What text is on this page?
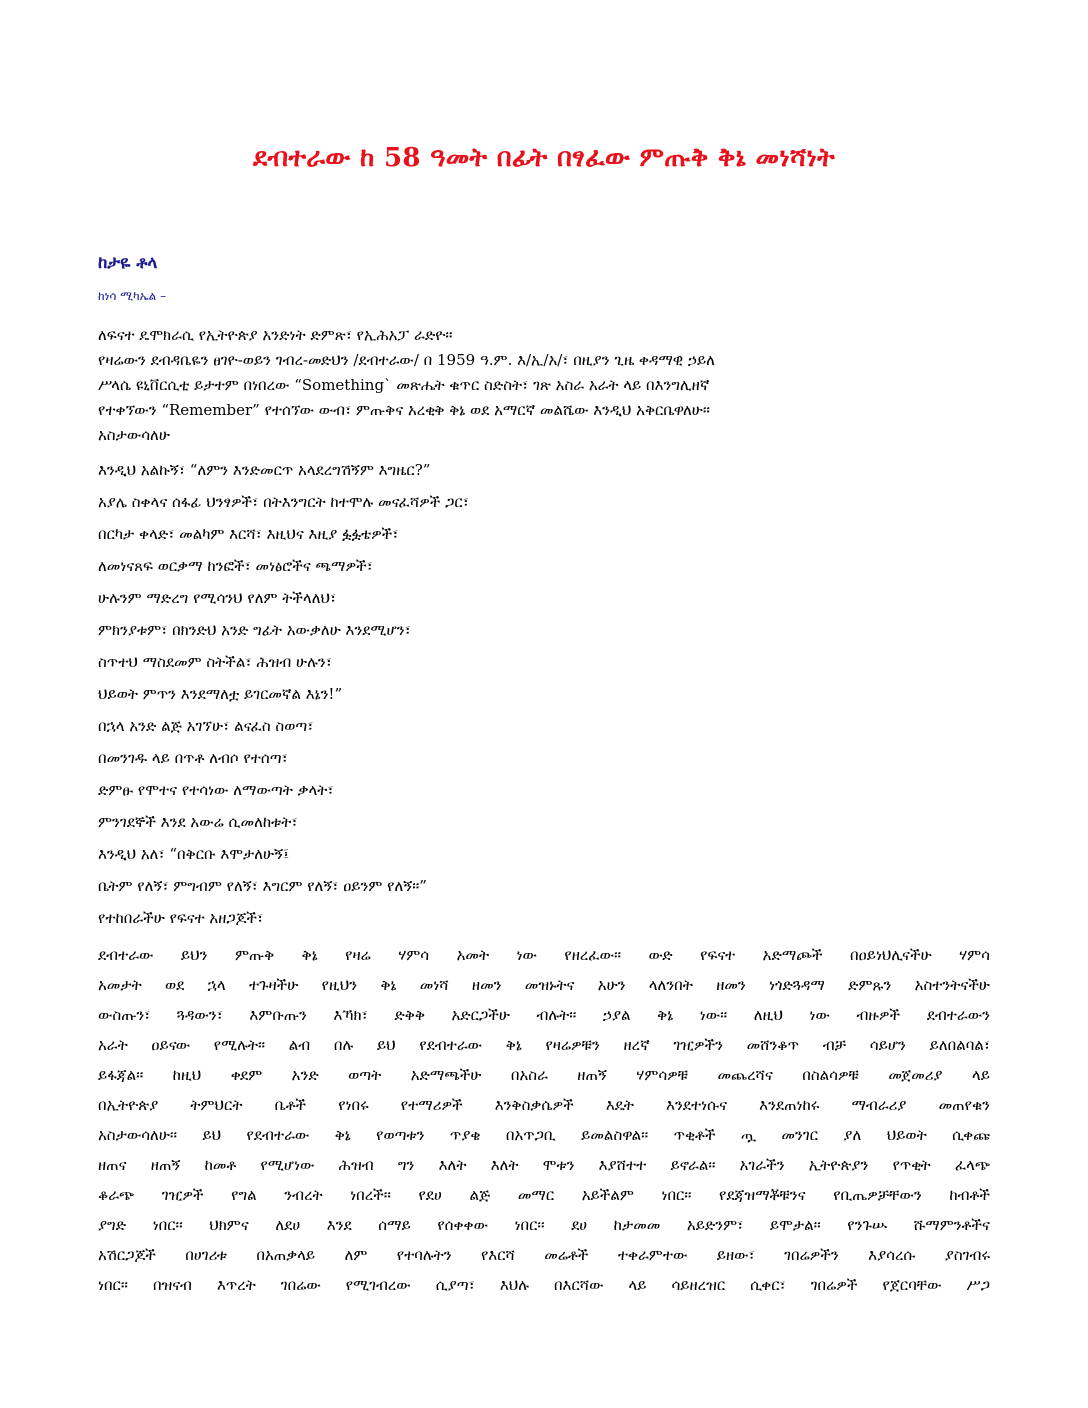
ደብተራው ከ 58 ዓመት በፊት በፃፈው ምጡቅ ቅኔ መነሻነት
ከታዬ ቶላ
ከነሳ ሚካኤል –
ለፍናተ ዴሞክራሲ የኢትዮጵያ አንድነት ድምጽ፣ የኢሕአፓ ራድዮ፡፡
የዛሬውን ደብዳቤዬን ፀገዮ-ወይን ገብረ-መድህን /ደብተራው/ በ 1959 ዓ.ም. እ/ኢ/አ/፣ በዚያን ጊዜ ቀዳማዊ ኃይለ
ሥላሴ ዩኒቨርሲቲ ይታተም በነበረው “Something` መጽሔት ቁጥር ስድስት፣ ገጽ አስራ አራት ላይ በእንግሊዘኛ
የተቀኘውን “Remember” የተሰኘው ውብ፣ ምጡቅና አረቂቅ ቅኔ ወደ አማርኛ መልሼው እንዲህ አቅርቤዋለሁ፡፡
አስታውሳለሁ
እንዲህ አልኩኝ፣ “ለምን እንድመርጥ አላደረግሽኝም እግዜር?”
አያሌ ስቀላና ሰፋፊ ህንፃዎች፣ በትእንግርት ከተሞሉ መናፈሻዎች ጋር፣
በርካታ ቀላድ፣ መልካም እርሻ፣ እዚህና እዚያ ፏፏቴዎች፣
ለመነናጸፍ ወርቃማ ከንፎች፣ መነፅሮችና ጫማዎች፣
ሁሉንም ማድረግ የሚሳንህ የለም ትችላለህ፣
ምክንያቱም፣ በክንድህ አንድ ግፊት አውቃለሁ እንደሚሆን፣
ስጥተህ ማስደመም ስትችል፣ ሕዝብ ሁሉን፣
ህይወት ምጥን እንደማለቷ ይገርመኛል እኔን!”
በኋላ አንድ ልጅ አገኘሁ፣ ልናፈስ ስወጣ፣
በመንገዱ ላይ በጥቶ ለብሶ የተሰጣ፣
ድምፁ የሞተና የተሳነው ለማውጣት ቃላት፣
ምንገደኞች እንደ አውሬ ሲመለከቱት፣
እንዲህ አለ፣ “በቅርቡ እሞታለሁኝ፤
ቤትም የለኝ፣ ምግብም የለኝ፣ እግርም የለኝ፣ ዐይንም የለኝ፡፡”
የተከበራችሁ የፍናተ አዘጋጆች፣
ደብተራው ይህን ምጡቅ ቅኔ የዛሬ ሃምሳ አመት ነው የዘረፈው፡፡ ውድ የፍናተ አድማጮች በዐይነህሊናችሁ ሃምሳ
አመታት ወደ ኋላ ተጉዛችሁ የዚህን ቅኔ መነሻ ዘመን መዝኑትና አሁን ላለንበት ዘመን ነጎድጓዳማ ድምጹን አስተንትናችሁ
ውስጡን፣ ጓዳውን፣ እምቡጡን እኻክ፣ ድቅቅ አድርጋችሁ ብሉት፡፡ ኃያል ቅኔ ነው፡፡ ለዚህ ነው ብዙዎች ደብተራውን
አራት ዐይናው የሚሉት፡፡ ልብ በሉ ይህ የደብተራው ቅኔ የዛሬዎቹን ዘረኛ ገዢዎችን መሸንቆጥ ብቻ ሳይሆን ይለበልባል፣
ይፋጃል፡፡ ከዚህ ቀደም አንድ ወጣት አድማጫችሁ በአስራ ዘጠኝ ሃምሳዎቹ መጨረሻና በስልሳዎቹ መጀመሪያ ላይ
በኢትዮጵያ ትምህርት ቤቶች የነበሩ የተማሪዎች እንቅስቃሴዎች እዴት እንደተነሱና እንደጠነከሩ ማብራሪያ መጠየቁን
አስታውሳለሁ፡፡ ይህ የደብተራው ቅኔ የወጣቱን ጥያቄ በአጥጋቢ ይመልስዋል፡፡ ጥቂቶች ጧ መንገር ያለ ህይወት ሲቀጩ
ዘጠና ዘጠኝ ከመቶ የሚሆነው ሕዝብ ግን እለት እለት ሞቱን እያሸተተ ይኖራል፡፡ አገራችን ኢትዮጵያን የጥቂት ፈላጭ
ቆራጭ ገዢዎች የግል ንብረት ነበረች፡፡ የደሀ ልጅ መማር አይችልም ነበር፡፡ የደጃዝማቾቹንና የቢጤዎቻቸውን ከብቶች
ያግድ ነበር፡፡ ህክምና ለደሀ እንደ ሰማይ የሰቀቀው ነበር፡፡ ደሀ ከታመመ አይድንም፣ ይሞታል፡፡ የንጉሡ ሹማምንቶችና
አሽርጋጆች በሀገሪቱ በአጠቃላይ ለም የተባሉትን የእርሻ መሬቶች ተቀራምተው ይዘው፣ ገበሬዎችን እያሳረሱ ያስገብሩ
ነበር፡፡ በዝናብ እጥረት ገበሬው የሚገብረው ሲያጣ፣ እህሉ በእርሻው ላይ ሳይዘረዝር ሲቀር፣ ገበሬዎች የጀርባቸው ሥጋ
